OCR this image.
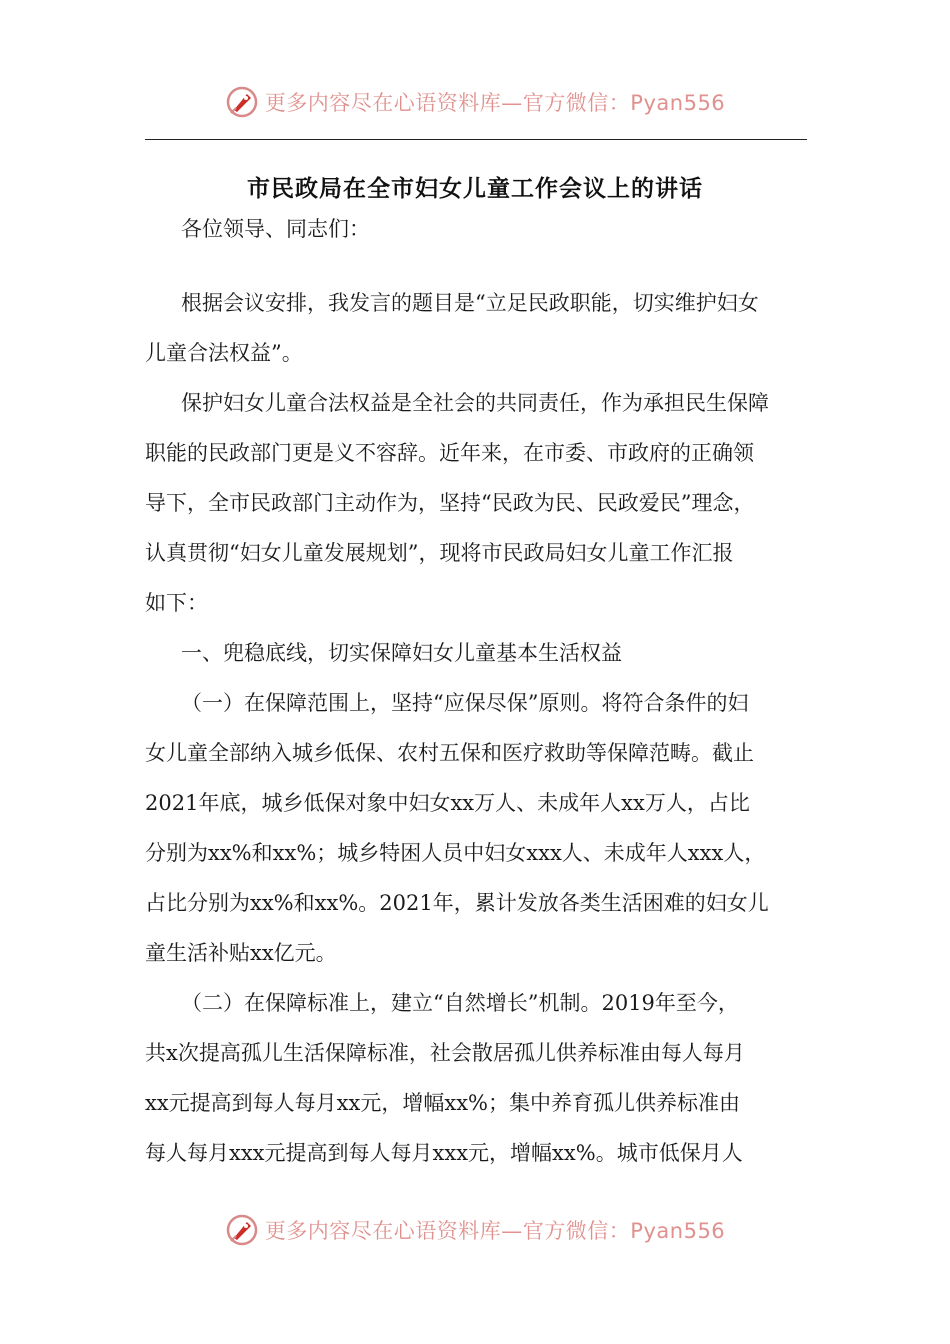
更多内容尽在心语资料库—官方微信：Pyan556
市民政局在全市妇女儿童工作会议上的讲话
各位领导、同志们：
根据会议安排，我发言的题目是“立足民政职能，切实维护妇女
儿童合法权益”。
保护妇女儿童合法权益是全社会的共同责任，作为承担民生保障
职能的民政部门更是义不容辞。近年来，在市委、市政府的正确领
导下，全市民政部门主动作为，坚持“民政为民、民政爱民”理念，
认真贯彻“妇女儿童发展规划”，现将市民政局妇女儿童工作汇报
如下：
一、兜稳底线，切实保障妇女儿童基本生活权益
（一）在保障范围上，坚持“应保尽保”原则。将符合条件的妇
女儿童全部纳入城乡低保、农村五保和医疗救助等保障范畴。截止
2021年底，城乡低保对象中妇女xx万人、未成年人xx万人，占比
分别为xx%和xx%；城乡特困人员中妇女xxx人、未成年人xxx人，
占比分别为xx%和xx%。2021年，累计发放各类生活困难的妇女儿
童生活补贴xx亿元。
（二）在保障标准上，建立“自然增长”机制。2019年至今，
共x次提高孤儿生活保障标准，社会散居孤儿供养标准由每人每月
xx元提高到每人每月xx元，增幅xx%；集中养育孤儿供养标准由
每人每月xxx元提高到每人每月xxx元，增幅xx%。城市低保月人
更多内容尽在心语资料库—官方微信：Pyan556
